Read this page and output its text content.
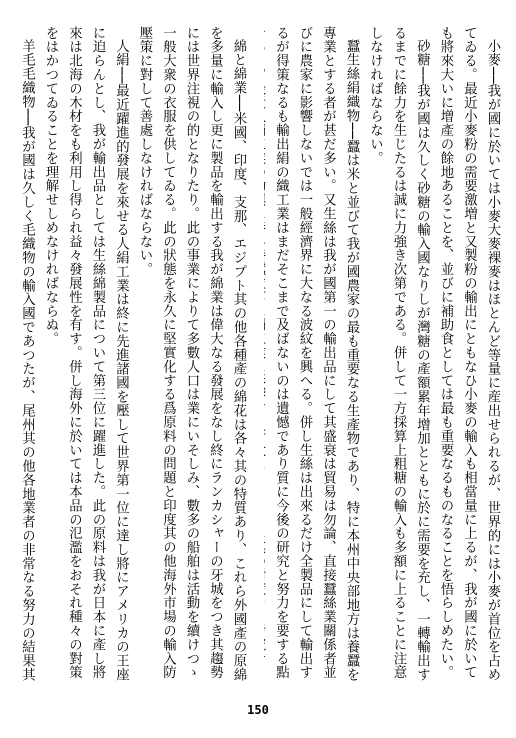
小麥──我が國に於いては小麥大麥裸麥はほとんど等量に産出せられるが、世界的には小麥が首位を占めてゐる。最近小麥粉の需要激増と又製粉の輸出にともなひ小麥の輸入も相當量に上るが、我が國に於いても將來大いに增產の餘地あることを、並びに補助食としては最も重要なるものなることを悟らしめたい。

砂糖──我が國は久しく砂糖の輸入國なりしが灣糖の產額累年增加とともに於に需要を充し、一轉輸出するまでに餘力を生じたるは誠に力強き次第である。併して一方採算上粗糖の輸入も多額に上ることに注意しなければならない。

蠶生絲絹織物──蠶は米と並びて我が國農家の最も重要なる生產物であり、特に本州中央部地方は養蠶を專業とする者が甚だ多い。又生絲は我が國第一の輸出品にして其盛衰は貿易は勿論、直接蠶絲業關係者並びに農家に影響しないでは一般經濟界に大なる波紋を興へる。併し生絲は出來るだけ全製品にして輸出するが得策なるも輸出絹の織工業はまだそこまで及ばないのは遺憾であり質に今後の研究と努力を要する點

綿と綿業──米國、印度、支那、エジプト其の他各種產の綿花は各々其の特質あり、これら外國產の原綿を多量に輸入し更に製品を輸出する我が綿業は偉大なる發展をなし終にランカシャーの牙城をつき其趨勢には世界注視の的となりたり。此の事業によりて多數人口は業にいそしみ、數多の船舶は活動を續けつゝ一般大衆の衣服を供してゐる。此の狀態を永久に堅實化する爲原料の問題と印度其の他海外市場の輸入防壓策に對して善處しなければならない。

人絹──最近躍進的發展を來せる人絹工業は終に先進諸國を壓して世界第一位に達し將にアメリカの王座に迫らんとし、我が輸出品としては生絲綿製品について第三位に躍進した。此の原料は我が日本に產し將來は北海の木材をも利用し得られ益々發展性を有す。併し海外に於いては本品の氾濫をおそれ種々の對策をはかつてゐることを理解せしめなければならぬ。

羊毛毛織物──我が國は久しく毛織物の輸入國であつたが、尾州其の他各地業者の非常なる努力の結果其

150
